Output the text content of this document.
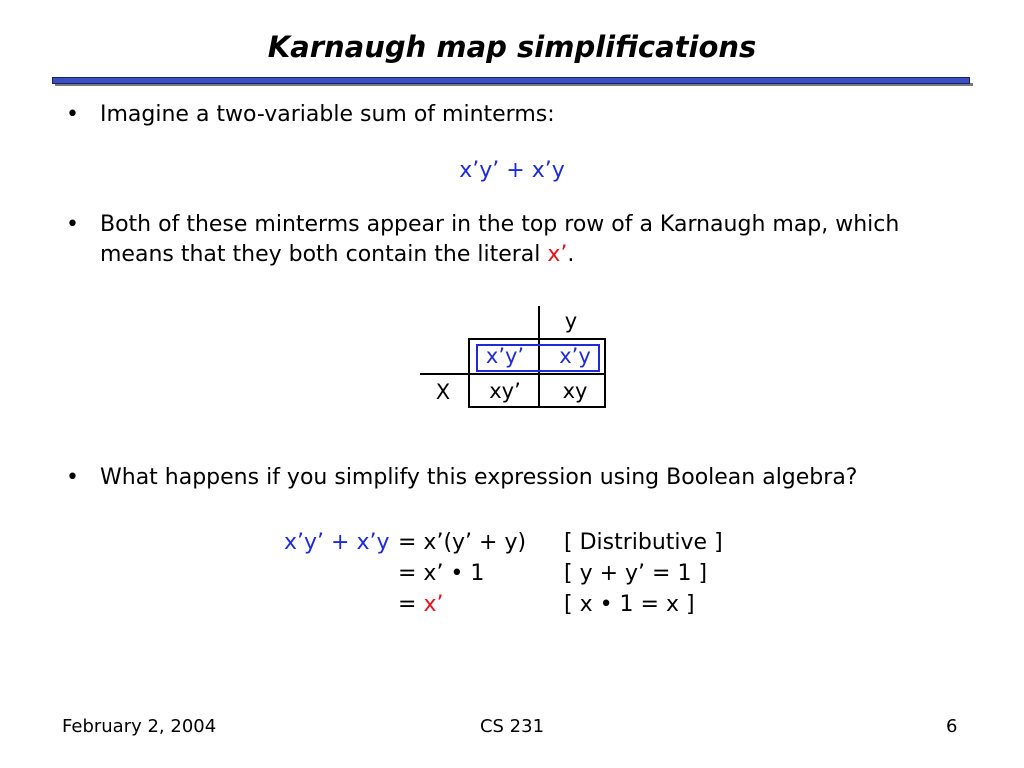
Karnaugh map simplifications
• Imagine a two-variable sum of minterms:
x’y’ + x’y
• Both of these minterms appear in the top row of a Karnaugh map, which
means that they both contain the literal x’.
y
X
x’y’	x’y
xy’	xy
• What happens if you simplify this expression using Boolean algebra?
x’y’ + x’y = x’(y’ + y) [ Distributive ]
= x’ • 1	[ y + y’ = 1 ]
= x’	[ x • 1 = x ]
February 2, 2004	CS 231	6
